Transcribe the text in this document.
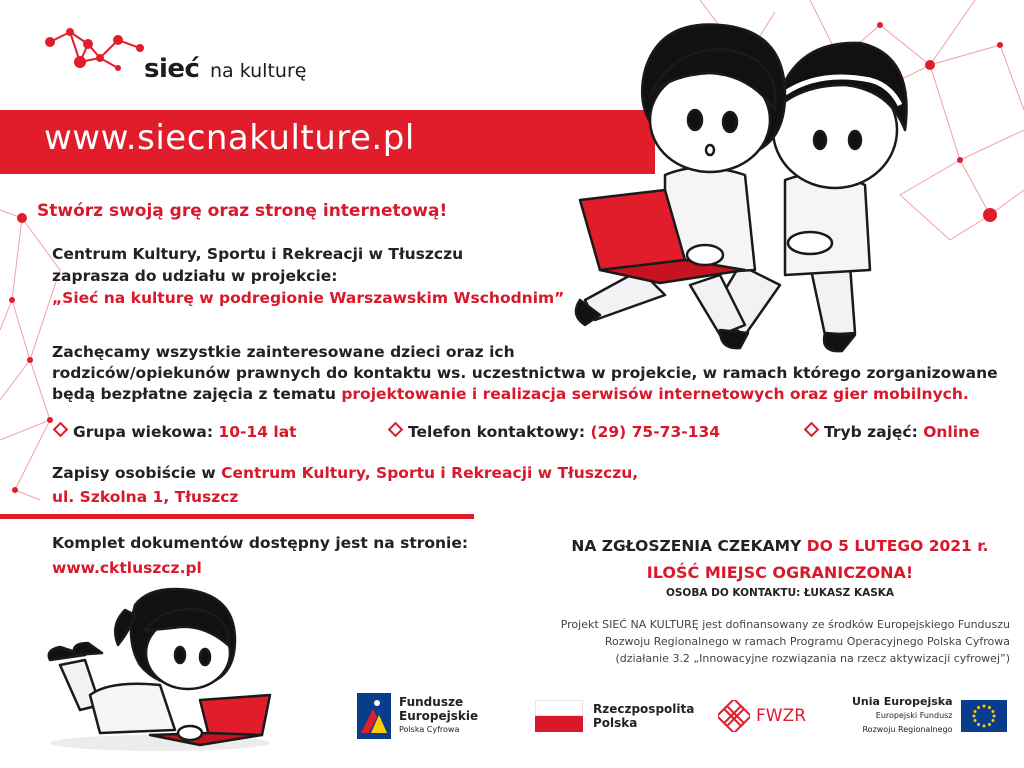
sieć na kulturę
www.siecnakulture.pl
Stwórz swoją grę oraz stronę internetową!
Centrum Kultury, Sportu i Rekreacji w Tłuszczu
zaprasza do udziału w projekcie:
„Sieć na kulturę w podregionie Warszawskim Wschodnim”
Zachęcamy wszystkie zainteresowane dzieci oraz ich
rodziców/opiekunów prawnych do kontaktu ws. uczestnictwa w projekcie, w ramach którego zorganizowane
będą bezpłatne zajęcia z tematu projektowanie i realizacja serwisów internetowych oraz gier mobilnych.
Grupa wiekowa: 10-14 lat	Telefon kontaktowy: (29) 75-73-134	Tryb zajęć: Online
Zapisy osobiście w Centrum Kultury, Sportu i Rekreacji w Tłuszczu,
ul. Szkolna 1, Tłuszcz
Komplet dokumentów dostępny jest na stronie:
www.cktluszcz.pl
NA ZGŁOSZENIA CZEKAMY DO 5 LUTEGO 2021 r.
ILOŚĆ MIEJSC OGRANICZONA!
OSOBA DO KONTAKTU: ŁUKASZ KASKA
Projekt SIEĆ NA KULTURĘ jest dofinansowany ze środków Europejskiego Funduszu
Rozwoju Regionalnego w ramach Programu Operacyjnego Polska Cyfrowa
(działanie 3.2 „Innowacyjne rozwiązania na rzecz aktywizacji cyfrowej”)
Fundusze
Europejskie
Polska Cyfrowa
Rzeczpospolita
Polska	FWZR
Unia Europejska
Europejski Fundusz
Rozwoju Regionalnego
